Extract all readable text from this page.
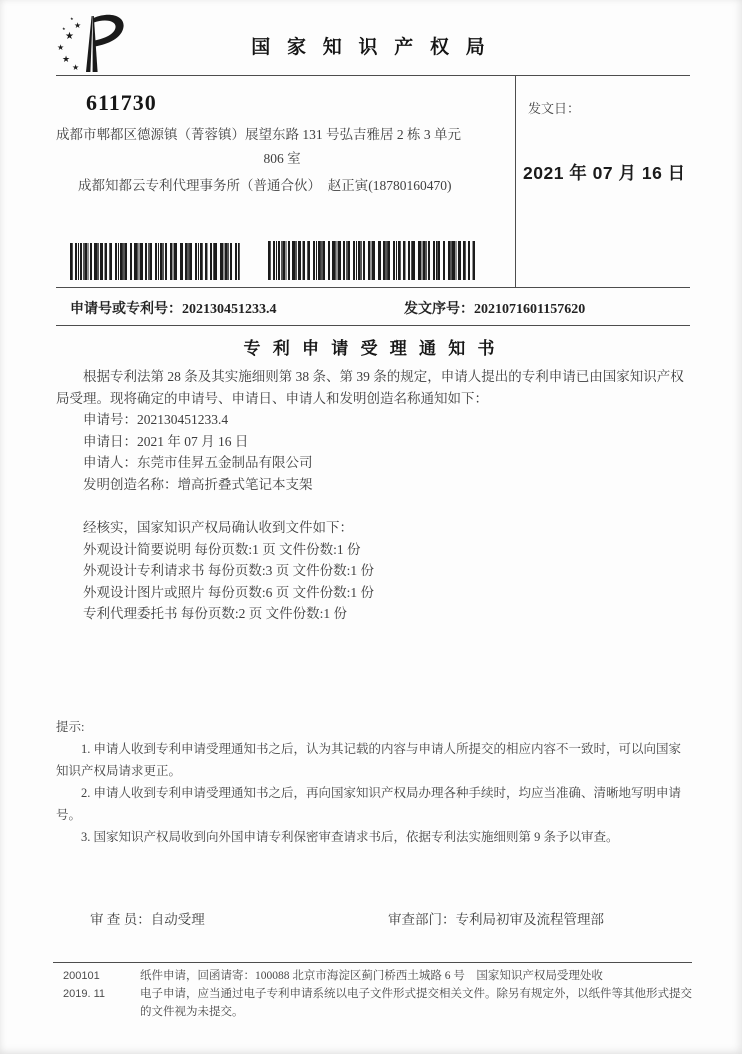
★
★
★
★
★
★
★
国 家 知 识 产 权 局
611730
成都市郫都区德源镇（菁蓉镇）展望东路 131 号弘吉雅居 2 栋 3 单元
806 室
成都知都云专利代理事务所（普通合伙）　赵正寅(18780160470)
发文日：
2021 年 07 月 16 日
申请号或专利号：202130451233.4	发文序号：2021071601157620
专 利 申 请 受 理 通 知 书
根据专利法第 28 条及其实施细则第 38 条、第 39 条的规定，申请人提出的专利申请已由国家知识产权局受理。现将确定的申请号、申请日、申请人和发明创造名称通知如下：
申请号：202130451233.4
申请日：2021 年 07 月 16 日
申请人：东莞市佳昇五金制品有限公司
发明创造名称：增高折叠式笔记本支架
经核实，国家知识产权局确认收到文件如下：
外观设计简要说明 每份页数:1 页 文件份数:1 份
外观设计专利请求书 每份页数:3 页 文件份数:1 份
外观设计图片或照片 每份页数:6 页 文件份数:1 份
专利代理委托书 每份页数:2 页 文件份数:1 份
提示:
1. 申请人收到专利申请受理通知书之后，认为其记载的内容与申请人所提交的相应内容不一致时，可以向国家知识产权局请求更正。
2. 申请人收到专利申请受理通知书之后，再向国家知识产权局办理各种手续时，均应当准确、清晰地写明申请号。
3. 国家知识产权局收到向外国申请专利保密审查请求书后，依据专利法实施细则第 9 条予以审查。
审 查 员：自动受理	审查部门：专利局初审及流程管理部
200101
2019. 11
纸件申请，回函请寄：100088 北京市海淀区蓟门桥西土城路 6 号　国家知识产权局受理处收
电子申请，应当通过电子专利申请系统以电子文件形式提交相关文件。除另有规定外，以纸件等其他形式提交的文件视为未提交。
